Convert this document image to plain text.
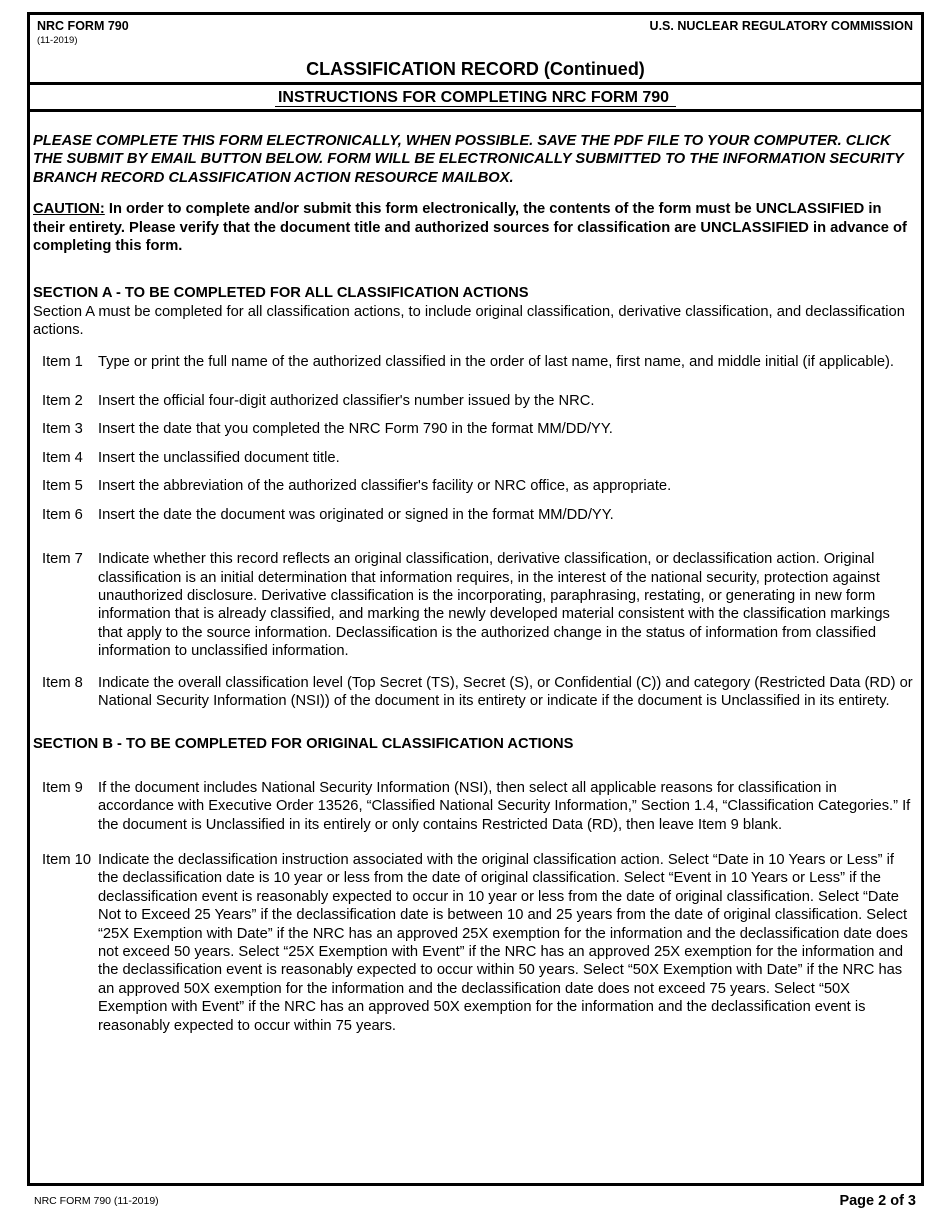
NRC FORM 790
(11-2019)
U.S. NUCLEAR REGULATORY COMMISSION
CLASSIFICATION RECORD (Continued)
INSTRUCTIONS FOR COMPLETING NRC FORM 790

PLEASE COMPLETE THIS FORM ELECTRONICALLY, WHEN POSSIBLE. SAVE THE PDF FILE TO YOUR COMPUTER. CLICK THE SUBMIT BY EMAIL BUTTON BELOW. FORM WILL BE ELECTRONICALLY SUBMITTED TO THE INFORMATION SECURITY BRANCH RECORD CLASSIFICATION ACTION RESOURCE MAILBOX.

CAUTION: In order to complete and/or submit this form electronically, the contents of the form must be UNCLASSIFIED in their entirety. Please verify that the document title and authorized sources for classification are UNCLASSIFIED in advance of completing this form.

SECTION A - TO BE COMPLETED FOR ALL CLASSIFICATION ACTIONS

Section A must be completed for all classification actions, to include original classification, derivative classification, and declassification actions.

Item 1	Type or print the full name of the authorized classified in the order of last name, first name, and middle initial (if applicable).
Item 2	Insert the official four-digit authorized classifier's number issued by the NRC.
Item 3	Insert the date that you completed the NRC Form 790 in the format MM/DD/YY.
Item 4	Insert the unclassified document title.
Item 5	Insert the abbreviation of the authorized classifier's facility or NRC office, as appropriate.
Item 6	Insert the date the document was originated or signed in the format MM/DD/YY.
Item 7	Indicate whether this record reflects an original classification, derivative classification, or declassification action. Original classification is an initial determination that information requires, in the interest of the national security, protection against unauthorized disclosure. Derivative classification is the incorporating, paraphrasing, restating, or generating in new form information that is already classified, and marking the newly developed material consistent with the classification markings that apply to the source information. Declassification is the authorized change in the status of information from classified information to unclassified information.
Item 8	Indicate the overall classification level (Top Secret (TS), Secret (S), or Confidential (C)) and category (Restricted Data (RD) or National Security Information (NSI)) of the document in its entirety or indicate if the document is Unclassified in its entirety.

SECTION B - TO BE COMPLETED FOR ORIGINAL CLASSIFICATION ACTIONS

Item 9	If the document includes National Security Information (NSI), then select all applicable reasons for classification in accordance with Executive Order 13526, “Classified National Security Information,” Section 1.4, “Classification Categories.” If the document is Unclassified in its entirely or only contains Restricted Data (RD), then leave Item 9 blank.
Item 10 Indicate the declassification instruction associated with the original classification action. Select “Date in 10 Years or Less” if the declassification date is 10 year or less from the date of original classification. Select “Event in 10 Years or Less” if the declassification event is reasonably expected to occur in 10 year or less from the date of original classification. Select “Date Not to Exceed 25 Years” if the declassification date is between 10 and 25 years from the date of original classification. Select “25X Exemption with Date” if the NRC has an approved 25X exemption for the information and the declassification date does not exceed 50 years. Select “25X Exemption with Event” if the NRC has an approved 25X exemption for the information and the declassification event is reasonably expected to occur within 50 years. Select “50X Exemption with Date” if the NRC has an approved 50X exemption for the information and the declassification date does not exceed 75 years. Select “50X Exemption with Event” if the NRC has an approved 50X exemption for the information and the declassification event is reasonably expected to occur within 75 years.
NRC FORM 790 (11-2019)	Page 2 of 3
